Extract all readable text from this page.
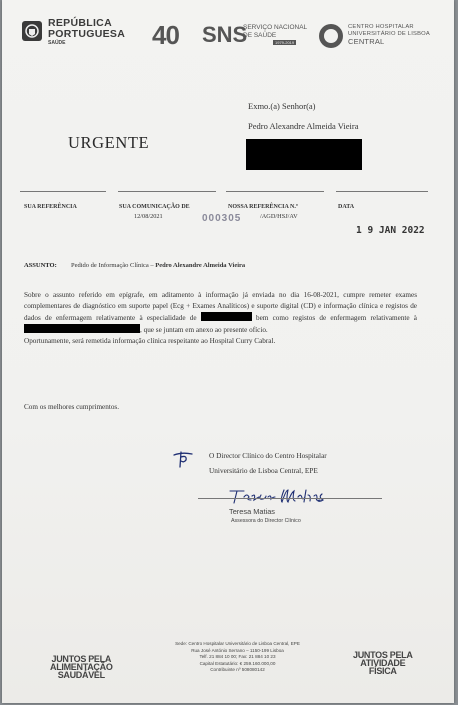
REPÚBLICA
PORTUGUESA
SAÚDE	40 SNS
SERVIÇO NACIONAL
DE SAÚDE
1979-2019
CENTRO HOSPITALAR
UNIVERSITÁRIO DE LISBOA
CENTRAL
Exmo.(a) Senhor(a)
Pedro Alexandre Almeida Vieira
URGENTE
SUA REFERÊNCIA	SUA COMUNICAÇÃO DE
12/08/2021
NOSSA REFERÊNCIA N.º
000305	/AGD/HSJ/AV
DATA
1 9 JAN 2022
ASSUNTO: Pedido de Informação Clínica – Pedro Alexandre Almeida Vieira

Sobre o assunto referido em epígrafe, em aditamento à informação já enviada no dia 16-08-2021, cumpre remeter exames complementares de diagnóstico em suporte papel (Ecg + Exames Analíticos) e suporte digital (CD) e informação clínica e registos de dados de enfermagem relativamente à especialidade de	bem como registos de enfermagem relativamente à , que se juntam em anexo ao presente ofício.

Oportunamente, será remetida informação clínica respeitante ao Hospital Curry Cabral.

Com os melhores cumprimentos.
O Director Clínico do Centro Hospitalar
Universitário de Lisboa Central, EPE
Teresa Matias
Assessora do Director Clínico
JUNTOS PELA
ALIMENTAÇÃO
SAUDÁVEL
Sede: Centro Hospitalar Universitário de Lisboa Central, EPE
Rua José António Serrano – 1150-199 Lisboa
Telf. 21 884 10 00; Fax: 21 884 10 23
Capital Estatutário: € 259.160.000,00
Contribuinte nº 508080142
JUNTOS PELA
ATIVIDADE
FÍSICA
